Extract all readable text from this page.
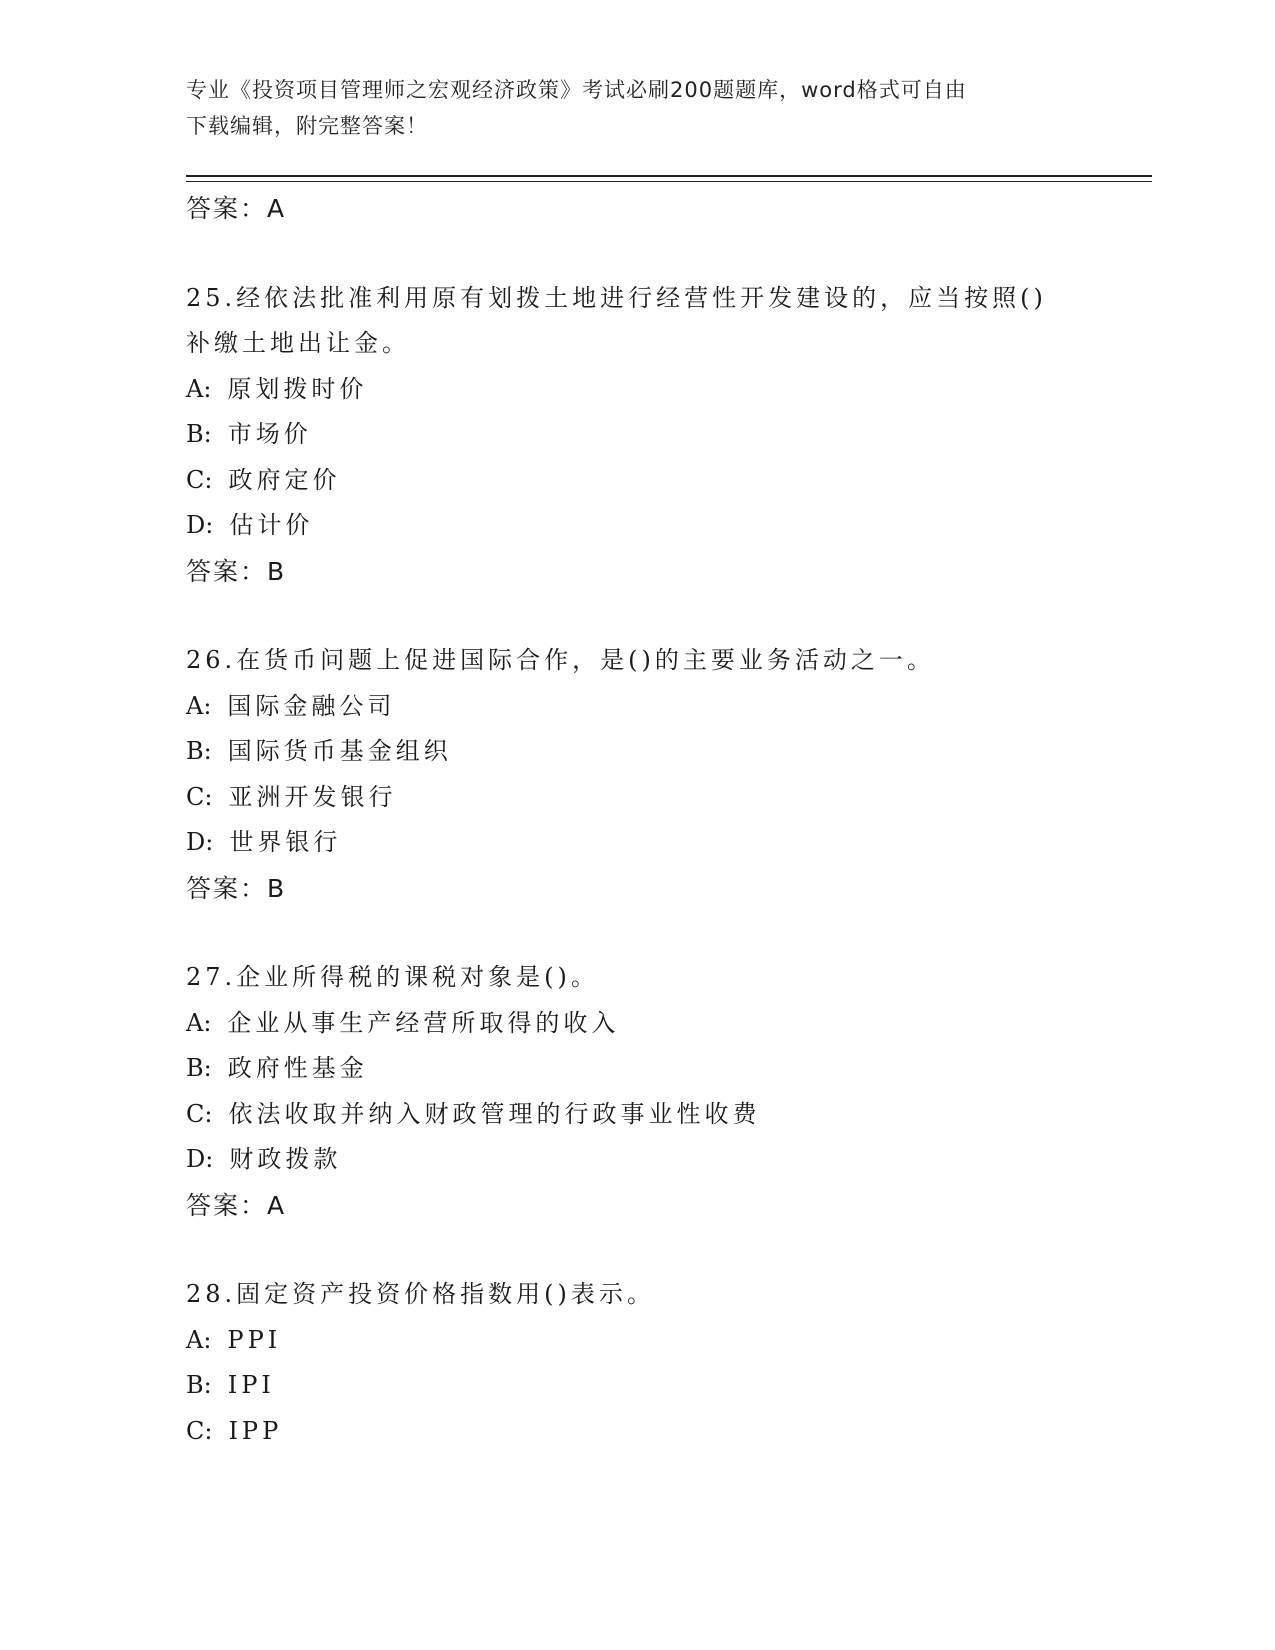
专业《投资项目管理师之宏观经济政策》考试必刷200题题库，word格式可自由
下载编辑，附完整答案！
答案：A
25.经依法批准利用原有划拨土地进行经营性开发建设的，应当按照()
补缴土地出让金。
A: 原划拨时价
B: 市场价
C: 政府定价
D: 估计价
答案：B
26.在货币问题上促进国际合作，是()的主要业务活动之一。
A: 国际金融公司
B: 国际货币基金组织
C: 亚洲开发银行
D: 世界银行
答案：B
27.企业所得税的课税对象是()。
A: 企业从事生产经营所取得的收入
B: 政府性基金
C: 依法收取并纳入财政管理的行政事业性收费
D: 财政拨款
答案：A
28.固定资产投资价格指数用()表示。
A: PPI
B: IPI
C: IPP
